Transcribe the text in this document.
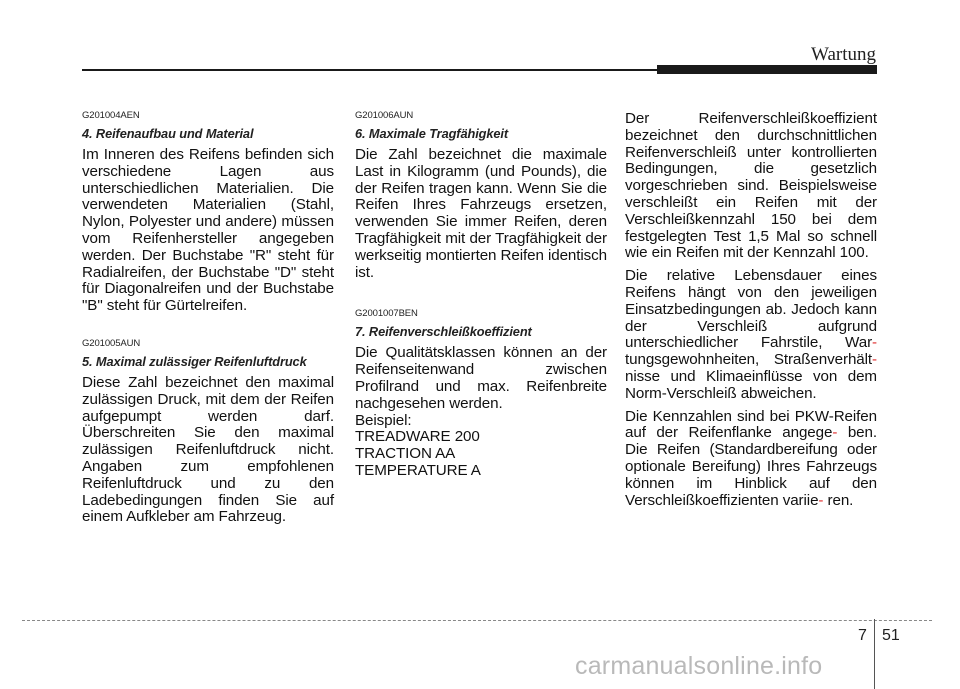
Wartung

G201004AEN

4. Reifenaufbau und Material

Im Inneren des Reifens befinden sich verschiedene Lagen aus unterschiedlichen Materialien. Die verwendeten Materialien (Stahl, Nylon, Polyester und andere) müssen vom Reifenhersteller angegeben werden. Der Buchstabe "R" steht für Radialreifen, der Buchstabe "D" steht für Diagonalreifen und der Buchstabe "B" steht für Gürtelreifen.

G201005AUN

5. Maximal zulässiger Reifenluftdruck

Diese Zahl bezeichnet den maximal zulässigen Druck, mit dem der Reifen aufgepumpt werden darf. Überschreiten Sie den maximal zulässigen Reifenluftdruck nicht. Angaben zum empfohlenen Reifenluftdruck und zu den Ladebedingungen finden Sie auf einem Aufkleber am Fahrzeug.

G201006AUN

6. Maximale Tragfähigkeit

Die Zahl bezeichnet die maximale Last in Kilogramm (und Pounds), die der Reifen tragen kann. Wenn Sie die Reifen Ihres Fahrzeugs ersetzen, verwenden Sie immer Reifen, deren Tragfähigkeit mit der Tragfähigkeit der werkseitig montierten Reifen identisch ist.

G2001007BEN

7. Reifenverschleißkoeffizient

Die Qualitätsklassen können an der Reifenseitenwand zwischen Profilrand und max. Reifenbreite nachgesehen werden.

Beispiel:

TREADWARE 200

TRACTION AA

TEMPERATURE A

Der Reifenverschleißkoeffizient bezeichnet den durchschnittlichen Reifenverschleiß unter kontrollierten Bedingungen, die gesetzlich vorgeschrieben sind. Beispielsweise verschleißt ein Reifen mit der Verschleißkennzahl 150 bei dem festgelegten Test 1,5 Mal so schnell wie ein Reifen mit der Kennzahl 100.

Die relative Lebensdauer eines Reifens hängt von den jeweiligen Einsatzbedingungen ab. Jedoch kann der Verschleiß aufgrund unterschiedlicher Fahrstile, War- tungsgewohnheiten, Straßenverhält- nisse und Klimaeinflüsse von dem Norm-Verschleiß abweichen.

Die Kennzahlen sind bei PKW-Reifen auf der Reifenflanke angege- ben. Die Reifen (Standardbereifung oder optionale Bereifung) Ihres Fahrzeugs können im Hinblick auf den Verschleißkoeffizienten variie- ren.

7 51
carmanualsonline.info
